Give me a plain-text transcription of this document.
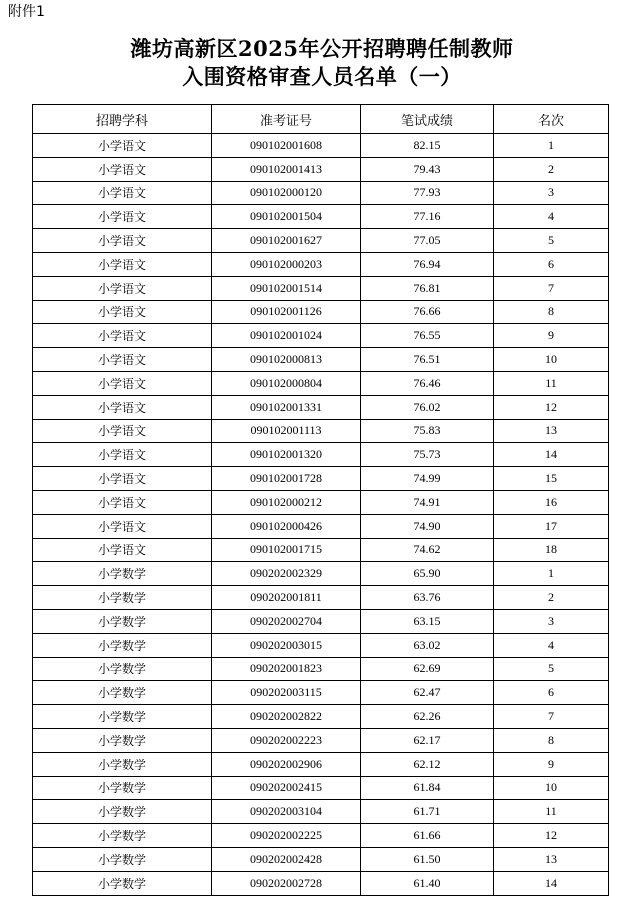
附件1
潍坊高新区2025年公开招聘聘任制教师
入围资格审查人员名单（一）
招聘学科	准考证号	笔试成绩	名次
小学语文	090102001608	82.15	1
小学语文	090102001413	79.43	2
小学语文	090102000120	77.93	3
小学语文	090102001504	77.16	4
小学语文	090102001627	77.05	5
小学语文	090102000203	76.94	6
小学语文	090102001514	76.81	7
小学语文	090102001126	76.66	8
小学语文	090102001024	76.55	9
小学语文	090102000813	76.51	10
小学语文	090102000804	76.46	11
小学语文	090102001331	76.02	12
小学语文	090102001113	75.83	13
小学语文	090102001320	75.73	14
小学语文	090102001728	74.99	15
小学语文	090102000212	74.91	16
小学语文	090102000426	74.90	17
小学语文	090102001715	74.62	18
小学数学	090202002329	65.90	1
小学数学	090202001811	63.76	2
小学数学	090202002704	63.15	3
小学数学	090202003015	63.02	4
小学数学	090202001823	62.69	5
小学数学	090202003115	62.47	6
小学数学	090202002822	62.26	7
小学数学	090202002223	62.17	8
小学数学	090202002906	62.12	9
小学数学	090202002415	61.84	10
小学数学	090202003104	61.71	11
小学数学	090202002225	61.66	12
小学数学	090202002428	61.50	13
小学数学	090202002728	61.40	14
